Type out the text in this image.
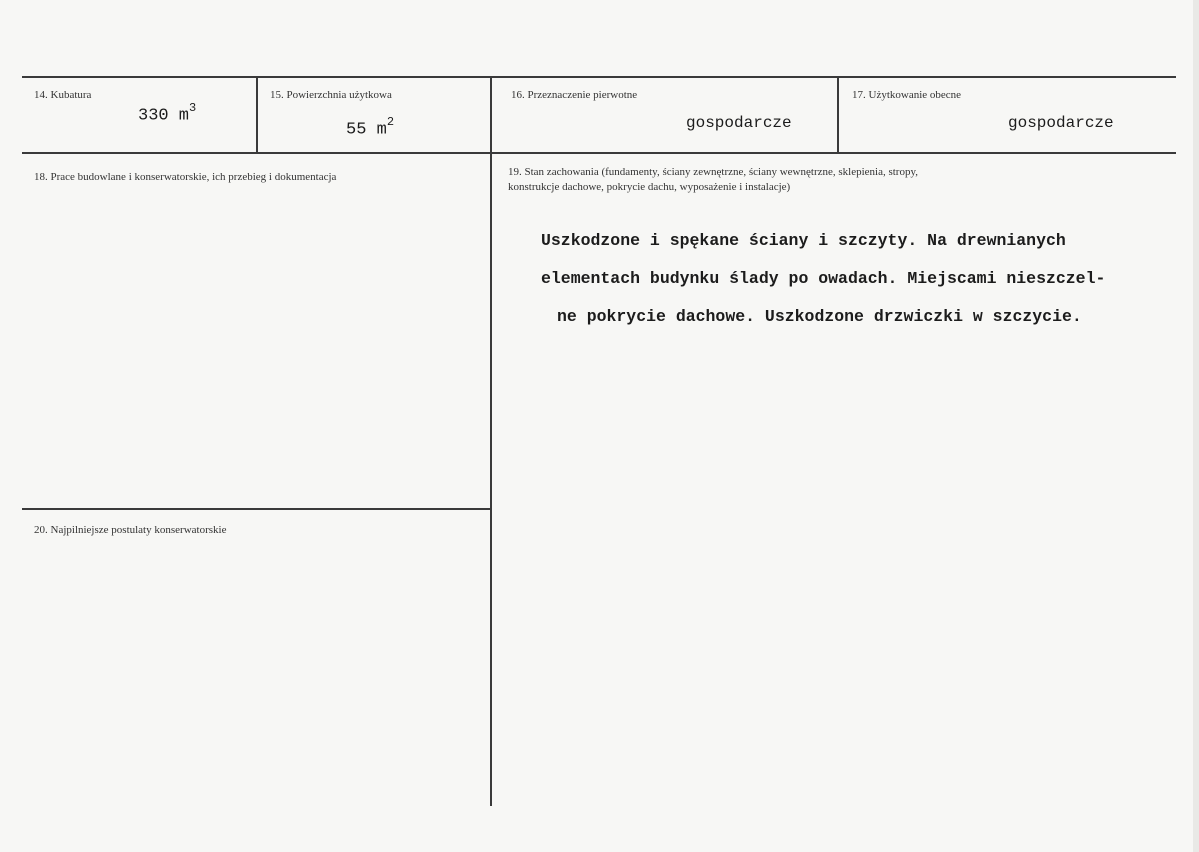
14. Kubatura
330 $m^3$
15. Powierzchnia użytkowa
55 $m^2$
16. Przeznaczenie pierwotne
gospodarcze
17. Użytkowanie obecne
gospodarcze
18. Prace budowlane i konserwatorskie, ich przebieg i dokumentacja	19. Stan zachowania (fundamenty, ściany zewnętrzne, ściany wewnętrzne, sklepienia, stropy,
konstrukcje dachowe, pokrycie dachu, wyposażenie i instalacje)

Uszkodzone i spękane ściany i szczyty. Na drewnianych

elementach budynku ślady po owadach. Miejscami nieszczel-

ne pokrycie dachowe. Uszkodzone drzwiczki w szczycie.

20. Najpilniejsze postulaty konserwatorskie
